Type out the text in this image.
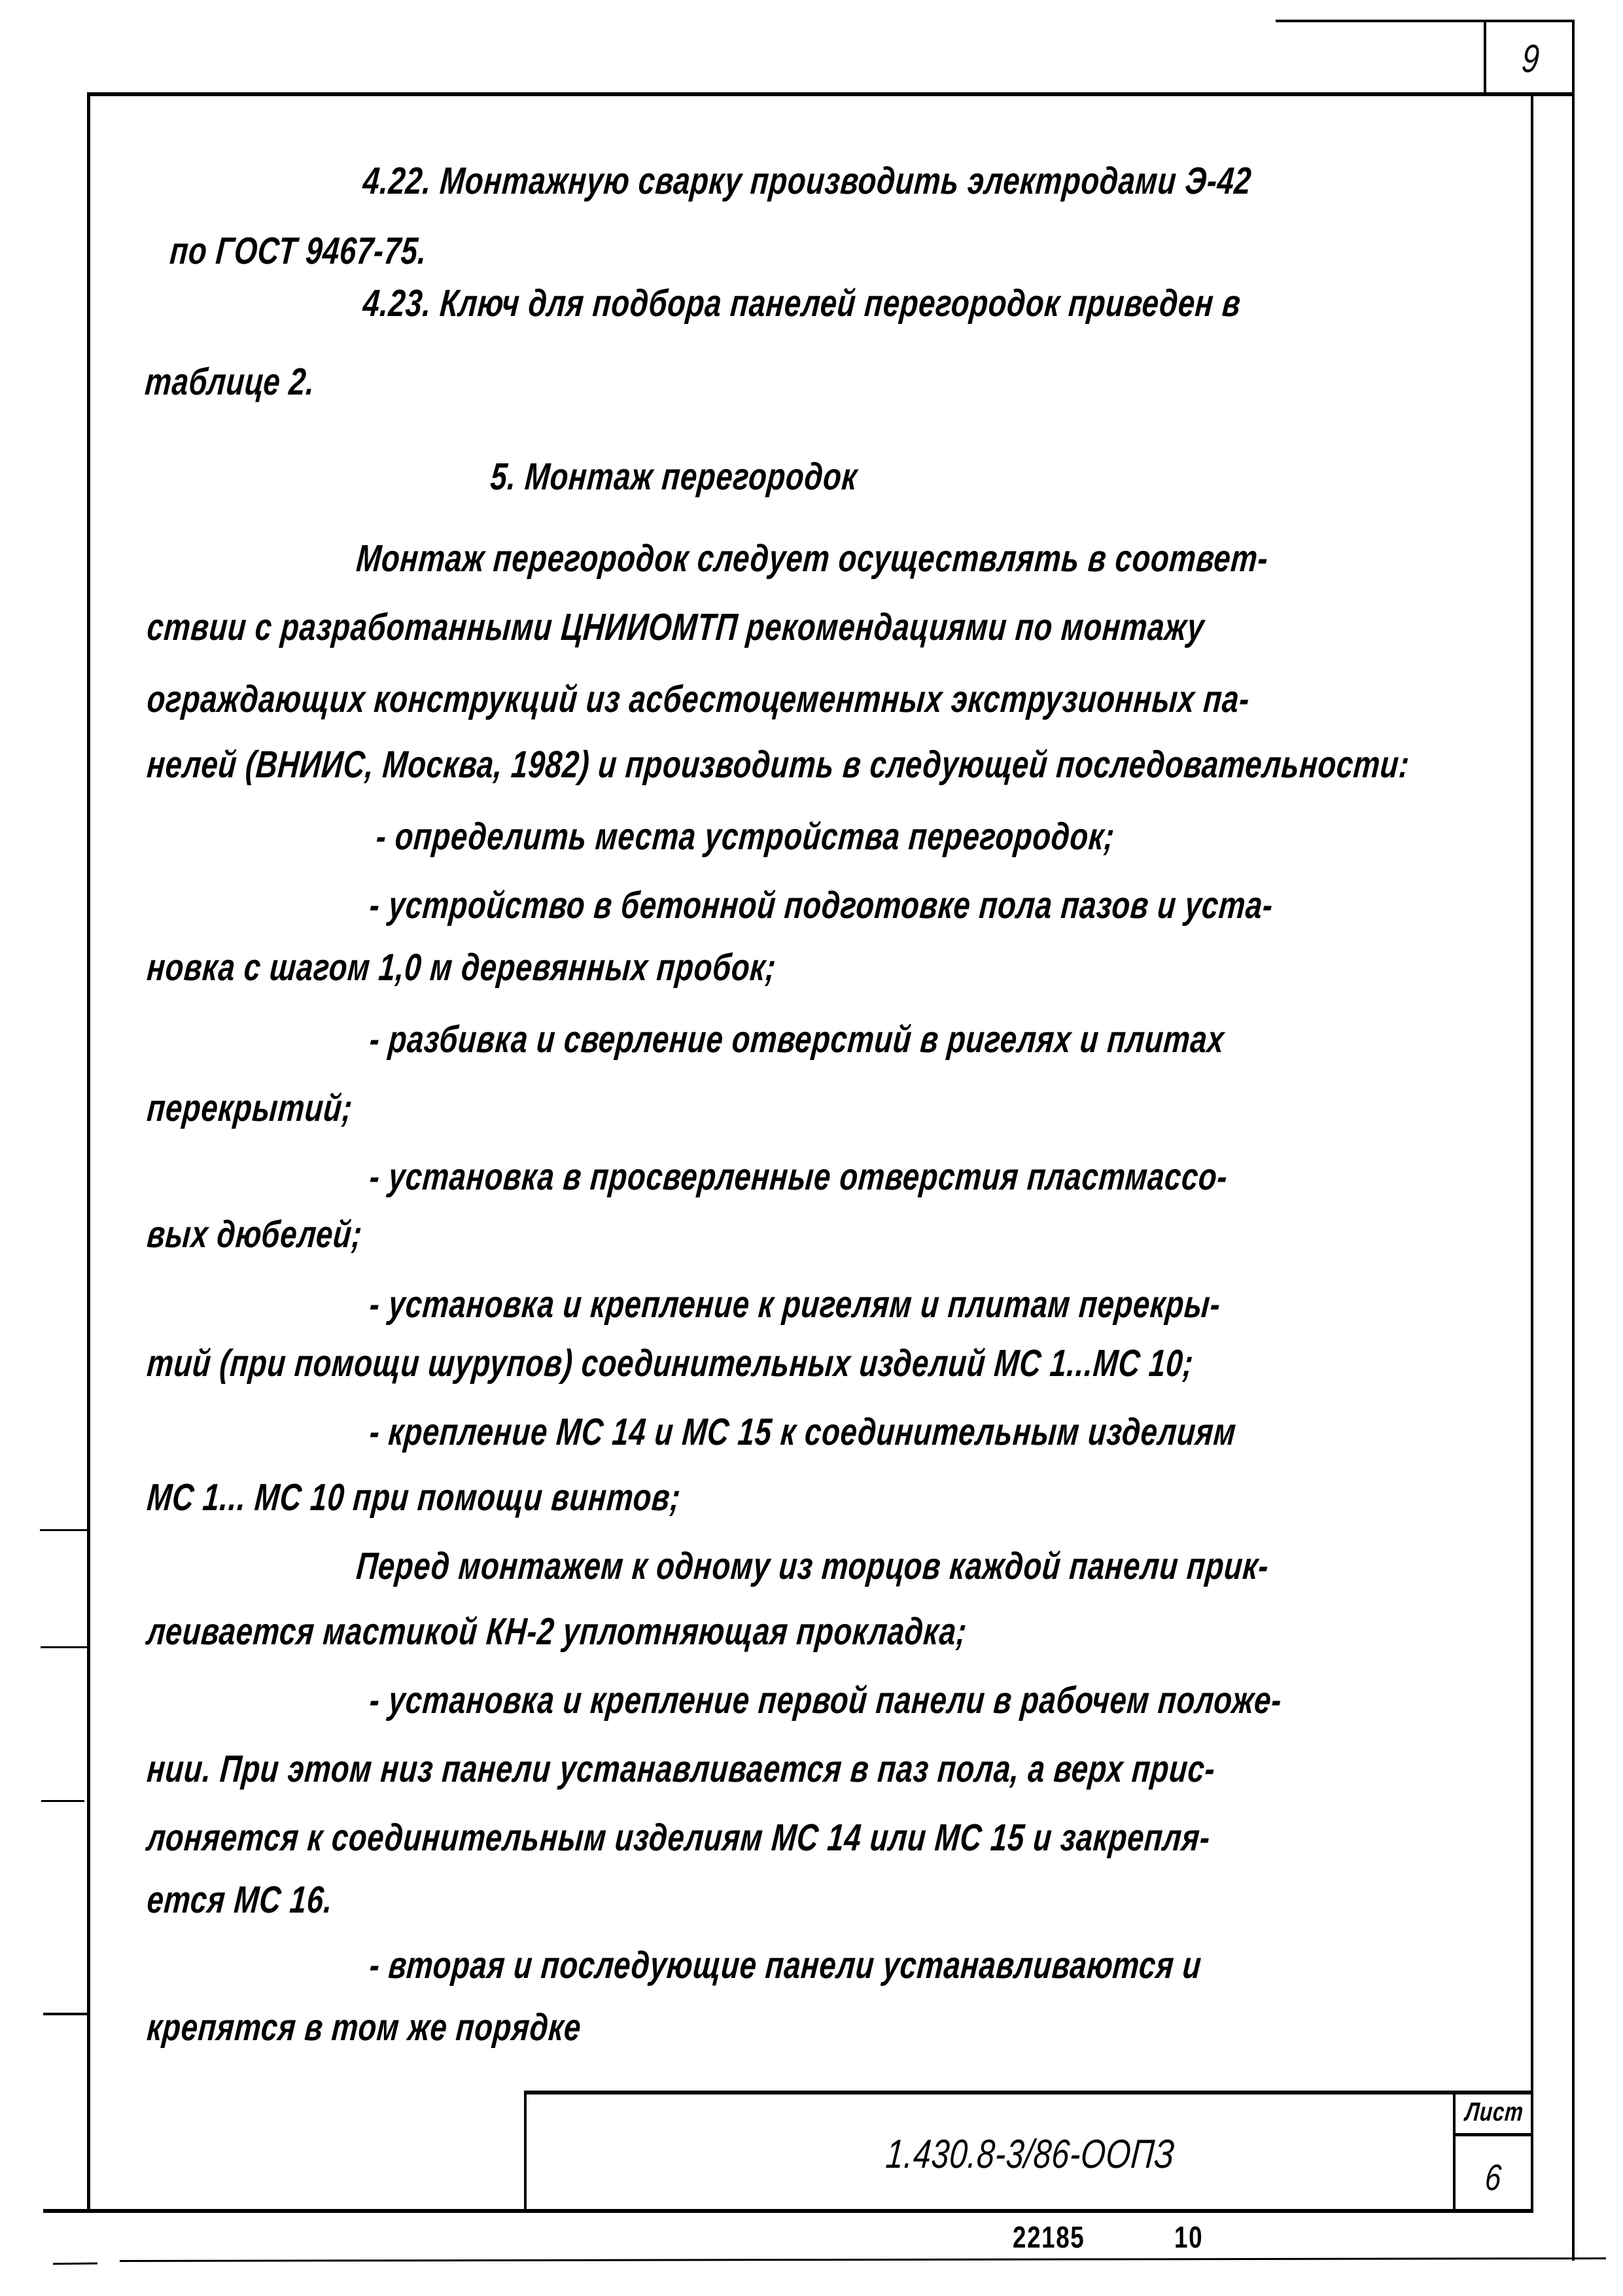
9
1.430.8-3/86-ООПЗ
Лист
6
22185	10
4.22. Монтажную сварку производить электродами Э-42
по ГОСТ 9467-75.
4.23. Ключ для подбора панелей перегородок приведен в
таблице 2.
5. Монтаж перегородок
Монтаж перегородок следует осуществлять в соответ-
ствии с разработанными ЦНИИОМТП рекомендациями по монтажу
ограждающих конструкций из асбестоцементных экструзионных па-
нелей (ВНИИС, Москва, 1982) и производить в следующей последовательности:
- определить места устройства перегородок;
- устройство в бетонной подготовке пола пазов и уста-
новка с шагом 1,0 м деревянных пробок;
- разбивка и сверление отверстий в ригелях и плитах
перекрытий;
- установка в просверленные отверстия пластмассо-
вых дюбелей;
- установка и крепление к ригелям и плитам перекры-
тий (при помощи шурупов) соединительных изделий МС 1...МС 10;
- крепление МС 14 и МС 15 к соединительным изделиям
МС 1... МС 10 при помощи винтов;
Перед монтажем к одному из торцов каждой панели прик-
леивается мастикой КН-2 уплотняющая прокладка;
- установка и крепление первой панели в рабочем положе-
нии. При этом низ панели устанавливается в паз пола, а верх прис-
лоняется к соединительным изделиям МС 14 или МС 15 и закрепля-
ется МС 16.
- вторая и последующие панели устанавливаются и
крепятся в том же порядке
